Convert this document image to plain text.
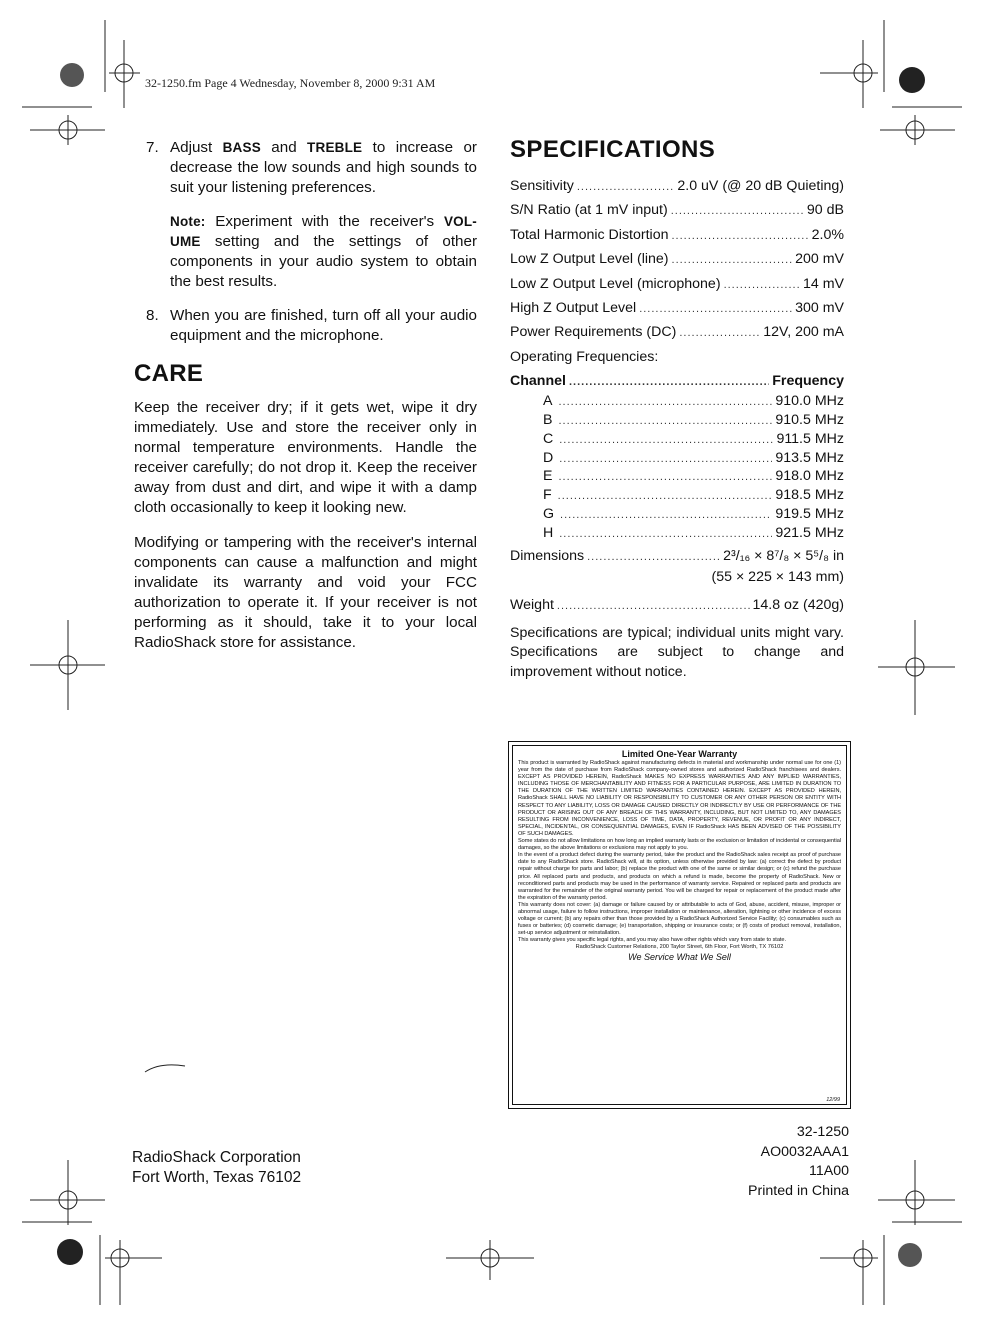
32-1250.fm Page 4 Wednesday, November 8, 2000 9:31 AM
7. Adjust BASS and TREBLE to increase or decrease the low sounds and high sounds to suit your listening preferences.
Note: Experiment with the receiver's VOL-UME setting and the settings of other components in your audio system to obtain the best results.
8. When you are finished, turn off all your audio equipment and the microphone.
CARE
Keep the receiver dry; if it gets wet, wipe it dry immediately. Use and store the receiver only in normal temperature environments. Handle the receiver carefully; do not drop it. Keep the receiver away from dust and dirt, and wipe it with a damp cloth occasionally to keep it looking new.
Modifying or tampering with the receiver's internal components can cause a malfunction and might invalidate its warranty and void your FCC authorization to operate it. If your receiver is not performing as it should, take it to your local RadioShack store for assistance.
SPECIFICATIONS
Sensitivity .....	2.0 uV (@ 20 dB Quieting)
S/N Ratio (at 1 mV input) .....	90 dB
Total Harmonic Distortion .....	2.0%
Low Z Output Level (line) .....	200 mV
Low Z Output Level (microphone) .....	14 mV
High Z Output Level .....	300 mV
Power Requirements (DC) .....	12V, 200 mA
Operating Frequencies:
Channel .....	Frequency
A .....	910.0 MHz
B .....	910.5 MHz
C .....	911.5 MHz
D .....	913.5 MHz
E .....	918.0 MHz
F .....	918.5 MHz
G .....	919.5 MHz
H .....	921.5 MHz
Dimensions .....	2³/₁₆ × 8⁷/₈ × 5⁵/₈ in
(55 × 225 × 143 mm)
Weight .....	14.8 oz (420g)
Specifications are typical; individual units might vary. Specifications are subject to change and improvement without notice.
Limited One-Year Warranty

This product is warranted by RadioShack against manufacturing defects in material and workmanship under normal use for one (1) year from the date of purchase from RadioShack company-owned stores and authorized RadioShack franchisees and dealers. EXCEPT AS PROVIDED HEREIN, RadioShack MAKES NO EXPRESS WARRANTIES AND ANY IMPLIED WARRANTIES, INCLUDING THOSE OF MERCHANTABILITY AND FITNESS FOR A PARTICULAR PURPOSE, ARE LIMITED IN DURATION TO THE DURATION OF THE WRITTEN LIMITED WARRANTIES CONTAINED HEREIN. EXCEPT AS PROVIDED HEREIN, RadioShack SHALL HAVE NO LIABILITY OR RESPONSIBILITY TO CUSTOMER OR ANY OTHER PERSON OR ENTITY WITH RESPECT TO ANY LIABILITY, LOSS OR DAMAGE CAUSED DIRECTLY OR INDIRECTLY BY USE OR PERFORMANCE OF THE PRODUCT OR ARISING OUT OF ANY BREACH OF THIS WARRANTY, INCLUDING, BUT NOT LIMITED TO, ANY DAMAGES RESULTING FROM INCONVENIENCE, LOSS OF TIME, DATA, PROPERTY, REVENUE, OR PROFIT OR ANY INDIRECT, SPECIAL, INCIDENTAL, OR CONSEQUENTIAL DAMAGES, EVEN IF RadioShack HAS BEEN ADVISED OF THE POSSIBILITY OF SUCH DAMAGES.

Some states do not allow limitations on how long an implied warranty lasts or the exclusion or limitation of incidental or consequential damages, so the above limitations or exclusions may not apply to you.

In the event of a product defect during the warranty period, take the product and the RadioShack sales receipt as proof of purchase date to any RadioShack store. RadioShack will, at its option, unless otherwise provided by law: (a) correct the defect by product repair without charge for parts and labor; (b) replace the product with one of the same or similar design; or (c) refund the purchase price. All replaced parts and products, and products on which a refund is made, become the property of RadioShack. New or reconditioned parts and products may be used in the performance of warranty service. Repaired or replaced parts and products are warranted for the remainder of the original warranty period. You will be charged for repair or replacement of the product made after the expiration of the warranty period.

This warranty does not cover: (a) damage or failure caused by or attributable to acts of God, abuse, accident, misuse, improper or abnormal usage, failure to follow instructions, improper installation or maintenance, alteration, lightning or other incidence of excess voltage or current; (b) any repairs other than those provided by a RadioShack Authorized Service Facility; (c) consumables such as fuses or batteries; (d) cosmetic damage; (e) transportation, shipping or insurance costs; or (f) costs of product removal, installation, set-up service adjustment or reinstallation.

This warranty gives you specific legal rights, and you may also have other rights which vary from state to state.

RadioShack Customer Relations, 200 Taylor Street, 6th Floor, Fort Worth, TX 76102
We Service What We Sell
12/99
RadioShack Corporation
Fort Worth, Texas 76102
32-1250
AO0032AAA1
11A00
Printed in China
